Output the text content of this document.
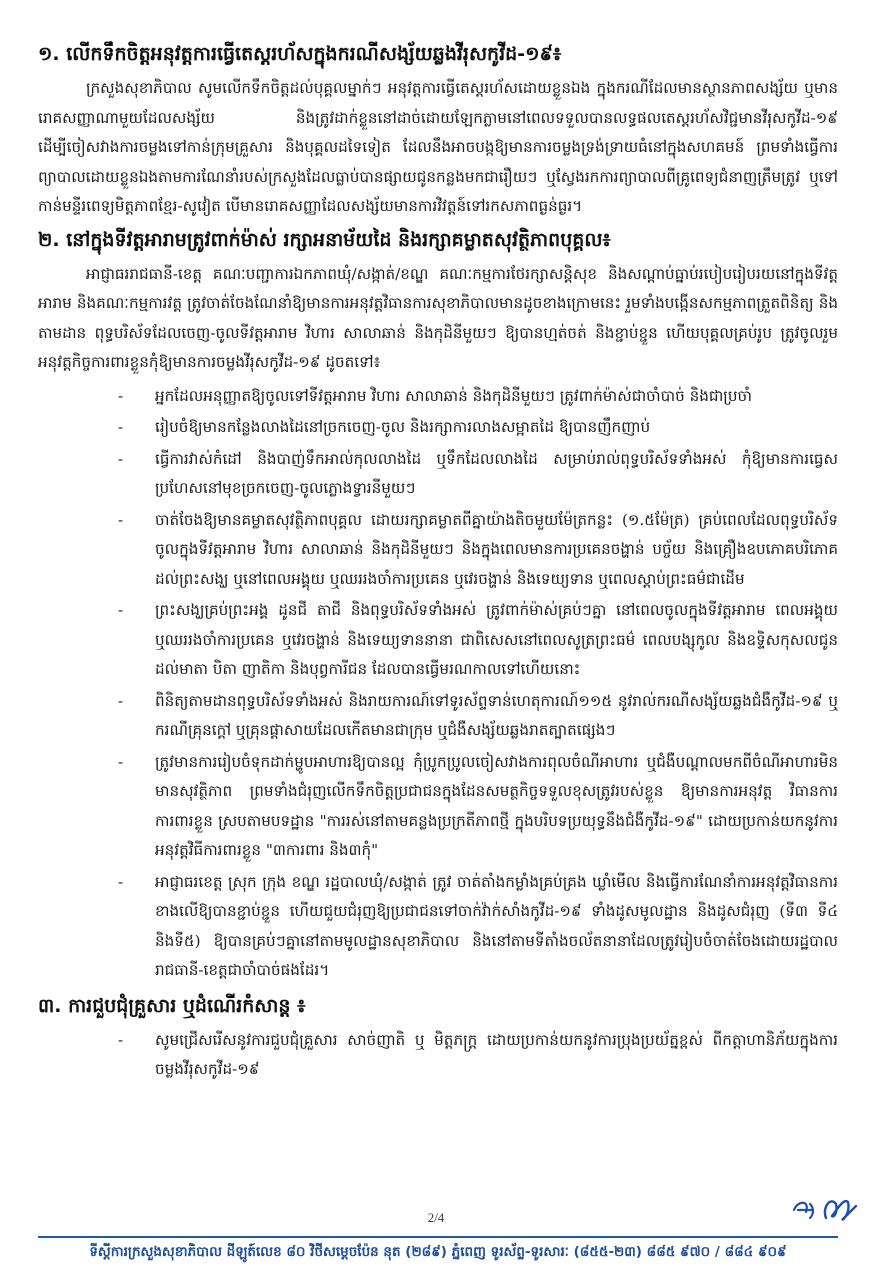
១. លើកទឹកចិត្តអនុវត្តការធ្វើតេស្តរហ័សក្នុងករណីសង្ស័យឆ្លងវីរុសកូវីដ-១៩៖

ក្រសួងសុខាភិបាល សូមលើកទឹកចិត្តដល់បុគ្គលម្នាក់ៗ អនុវត្តការធ្វើតេស្តរហ័សដោយខ្លួនឯង ក្នុងករណីដែលមានស្ថានភាពសង្ស័យ ឬមានរោគសញ្ញាណាមួយដែលសង្ស័យ និងត្រូវដាក់ខ្លួននៅដាច់ដោយឡែកភ្លាមនៅពេលទទួលបានលទ្ធផលតេស្តរហ័សវិជ្ជមានវីរុសកូវីដ-១៩ ដើម្បីចៀសវាងការចម្លងទៅកាន់ក្រុមគ្រួសារ និងបុគ្គលដទៃទៀត ដែលនឹងអាចបង្កឱ្យមានការចម្លងទ្រង់ទ្រាយធំនៅក្នុងសហគមន៍ ព្រមទាំងធ្វើការព្យាបាលដោយខ្លួនឯងតាមការណែនាំរបស់ក្រសួងដែលធ្លាប់បានផ្សាយជូនកន្លងមកជារឿយៗ ឬស្វែងរកការព្យាបាលពីគ្រូពេទ្យជំនាញត្រឹមត្រូវ ឬទៅកាន់មន្ទីរពេទ្យមិត្តភាពខ្មែរ-សូវៀត បើមានរោគសញ្ញាដែលសង្ស័យមានការវិវត្តន៍ទៅរកសភាពធ្ងន់ធ្ងរ។

២. នៅក្នុងទីវត្តអារាមត្រូវពាក់ម៉ាស់ រក្សាអនាម័យដៃ និងរក្សាគម្លាតសុវត្ថិភាពបុគ្គល៖

អាជ្ញាធររាជធានី-ខេត្ត គណៈបញ្ជាការឯកភាពឃុំ/សង្កាត់/ខណ្ឌ គណៈកម្មការថែរក្សាសន្តិសុខ និងសណ្តាប់ធ្នាប់របៀបរៀបរយនៅក្នុងទីវត្តអារាម និងគណៈកម្មការវត្ត ត្រូវចាត់ចែងណែនាំឱ្យមានការអនុវត្តវិធានការសុខាភិបាលមានដូចខាងក្រោមនេះ រួមទាំងបង្កើនសកម្មភាពត្រួតពិនិត្យ និងតាមដាន ពុទ្ធបរិស័ទដែលចេញ-ចូលទីវត្តអារាម វិហារ សាលាឆាន់ និងកុដិនីមួយៗ ឱ្យបានហ្មត់ចត់ និងខ្ជាប់ខ្ជួន ហើយបុគ្គលគ្រប់រូប ត្រូវចូលរួមអនុវត្តកិច្ចការពារខ្លួនកុំឱ្យមានការចម្លងវីរុសកូវីដ-១៩ ដូចតទៅ៖

- អ្នកដែលអនុញ្ញាតឱ្យចូលទៅទីវត្តអារាម វិហារ សាលាឆាន់ និងកុដិនីមួយៗ ត្រូវពាក់ម៉ាស់ជាចាំបាច់ និងជាប្រចាំ
- រៀបចំឱ្យមានកន្លែងលាងដៃនៅច្រកចេញ-ចូល និងរក្សាការលាងសម្អាតដៃ ឱ្យបានញឹកញាប់
- ធ្វើការវាស់កំដៅ និងបាញ់ទឹកអាល់កុលលាងដៃ ឬទឹកដែលលាងដៃ សម្រាប់រាល់ពុទ្ធបរិស័ទទាំងអស់ កុំឱ្យមានការធ្វេសប្រហែសនៅមុខច្រកចេញ-ចូលភ្លោងទ្វារនីមួយៗ
- ចាត់ចែងឱ្យមានគម្លាតសុវត្ថិភាពបុគ្គល ដោយរក្សាគម្លាតពីគ្នាយ៉ាងតិចមួយម៉ែត្រកន្លះ (១.៥ម៉ែត្រ) គ្រប់ពេលដែលពុទ្ធបរិស័ទ ចូលក្នុងទីវត្តអារាម វិហារ សាលាឆាន់ និងកុដិនីមួយៗ និងក្នុងពេលមានការប្រគេនចង្ហាន់ បច្ច័យ និងគ្រឿងឧបភោគបរិភោគ ដល់ព្រះសង្ឃ ឬនៅពេលអង្គុយ ឬឈររងចាំការប្រគេន ឬវេរចង្ហាន់ និងទេយ្យទាន ឬពេលស្តាប់ព្រះធម៌ជាដើម
- ព្រះសង្ឃគ្រប់ព្រះអង្គ ដូនជី តាជី និងពុទ្ធបរិស័ទទាំងអស់ ត្រូវពាក់ម៉ាស់គ្រប់ៗគ្នា នៅពេលចូលក្នុងទីវត្តអារាម ពេលអង្គុយ ឬឈររងចាំការប្រគេន ឬវេរចង្ហាន់ និងទេយ្យទាននានា ជាពិសេសនៅពេលសូត្រព្រះធម៌ ពេលបង្សុកូល និងឧទ្ទិសកុសលជូនដល់មាតា បិតា ញាតិកា និងបុព្វការីជន ដែលបានធ្វើមរណកាលទៅហើយនោះ
- ពិនិត្យតាមដានពុទ្ធបរិស័ទទាំងអស់ និងរាយការណ៍ទៅទូរស័ព្ទទាន់ហេតុការណ៍១១៥ នូវរាល់ករណីសង្ស័យឆ្លងជំងឺកូវីដ-១៩ ឬករណីគ្រុនក្តៅ ឬគ្រុនផ្តាសាយដែលកើតមានជាក្រុម ឬជំងឺសង្ស័យឆ្លងរាតត្បាតផ្សេងៗ
- ត្រូវមានការរៀបចំទុកដាក់ម្ហូបអាហារឱ្យបានល្អ កុំប្រូកប្រូលចៀសវាងការពុលចំណីអាហារ ឬជំងឺបណ្តាលមកពីចំណីអាហារមិនមានសុវត្ថិភាព ព្រមទាំងជំរុញលើកទឹកចិត្តប្រជាជនក្នុងដែនសមត្ថកិច្ចទទួលខុសត្រូវរបស់ខ្លួន ឱ្យមានការអនុវត្ត វិធានការការពារខ្លួន ស្របតាមបទដ្ឋាន "ការរស់នៅតាមគន្លងប្រក្រតីភាពថ្មី ក្នុងបរិបទប្រយុទ្ធនឹងជំងឺកូវីដ-១៩" ដោយប្រកាន់យកនូវការអនុវត្តវិធីការពារខ្លួន "៣ការពារ និង៣កុំ"
- អាជ្ញាធរខេត្ត ស្រុក ក្រុង ខណ្ឌ រដ្ឋបាលឃុំ/សង្កាត់ ត្រូវ ចាត់តាំងកម្លាំងគ្រប់គ្រង ឃ្លាំមើល និងធ្វើការណែនាំការអនុវត្តវិធានការខាងលើឱ្យបានខ្ជាប់ខ្ជួន ហើយជួយជំរុញឱ្យប្រជាជនទៅចាក់វ៉ាក់សាំងកូវីដ-១៩ ទាំងដូសមូលដ្ឋាន និងដូសជំរុញ (ទី៣ ទី៤ និងទី៥) ឱ្យបានគ្រប់ៗគ្នានៅតាមមូលដ្ឋានសុខាភិបាល និងនៅតាមទីតាំងចល័តនានាដែលត្រូវរៀបចំចាត់ចែងដោយរដ្ឋបាលរាជធានី-ខេត្តជាចាំបាច់ផងដែរ។
៣. ការជួបជុំគ្រួសារ ឬដំណើរកំសាន្ត ៖
- សូមជ្រើសរើសនូវការជួបជុំគ្រួសារ សាច់ញាតិ ឬ មិត្តភក្ត្រ ដោយប្រកាន់យកនូវការប្រុងប្រយ័ត្នខ្ពស់ ពីកត្តាហានិភ័យក្នុងការចម្លងវីរុសកូវីដ-១៩
2/4
ទីស្តីការក្រសួងសុខាភិបាល ដីឡូត៍លេខ ៨០ វិថីសម្តេចប៉ែន នុត (២៨៩) ភ្នំពេញ ទូរស័ព្ទ-ទូរសារៈ (៨៥៥-២៣) ៨៨៥ ៩៧០ / ៨៨៤ ៩០៩
